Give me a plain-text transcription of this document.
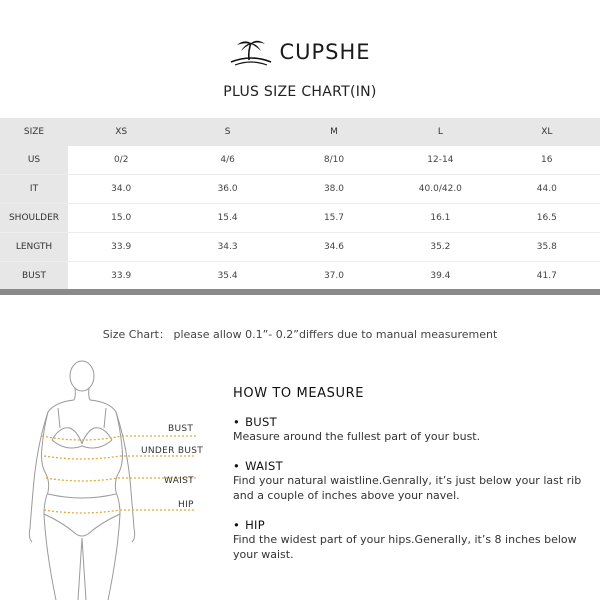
CUPSHE
PLUS SIZE CHART(IN)
SIZE	XS	S	M	L	XL
US	0/2	4/6	8/10	12-14	16
IT	34.0	36.0	38.0	40.0/42.0	44.0
SHOULDER	15.0	15.4	15.7	16.1	16.5
LENGTH	33.9	34.3	34.6	35.2	35.8
BUST	33.9	35.4	37.0	39.4	41.7
Size Chart： please allow 0.1”- 0.2”differs due to manual measurement
BUST
UNDER BUST
WAIST
HIP
HOW TO MEASURE
• BUST
Measure around the fullest part of your bust.
• WAIST
Find your natural waistline.Genrally, it’s just below your last rib and a couple of inches above your navel.
• HIP
Find the widest part of your hips.Generally, it’s 8 inches below your waist.
